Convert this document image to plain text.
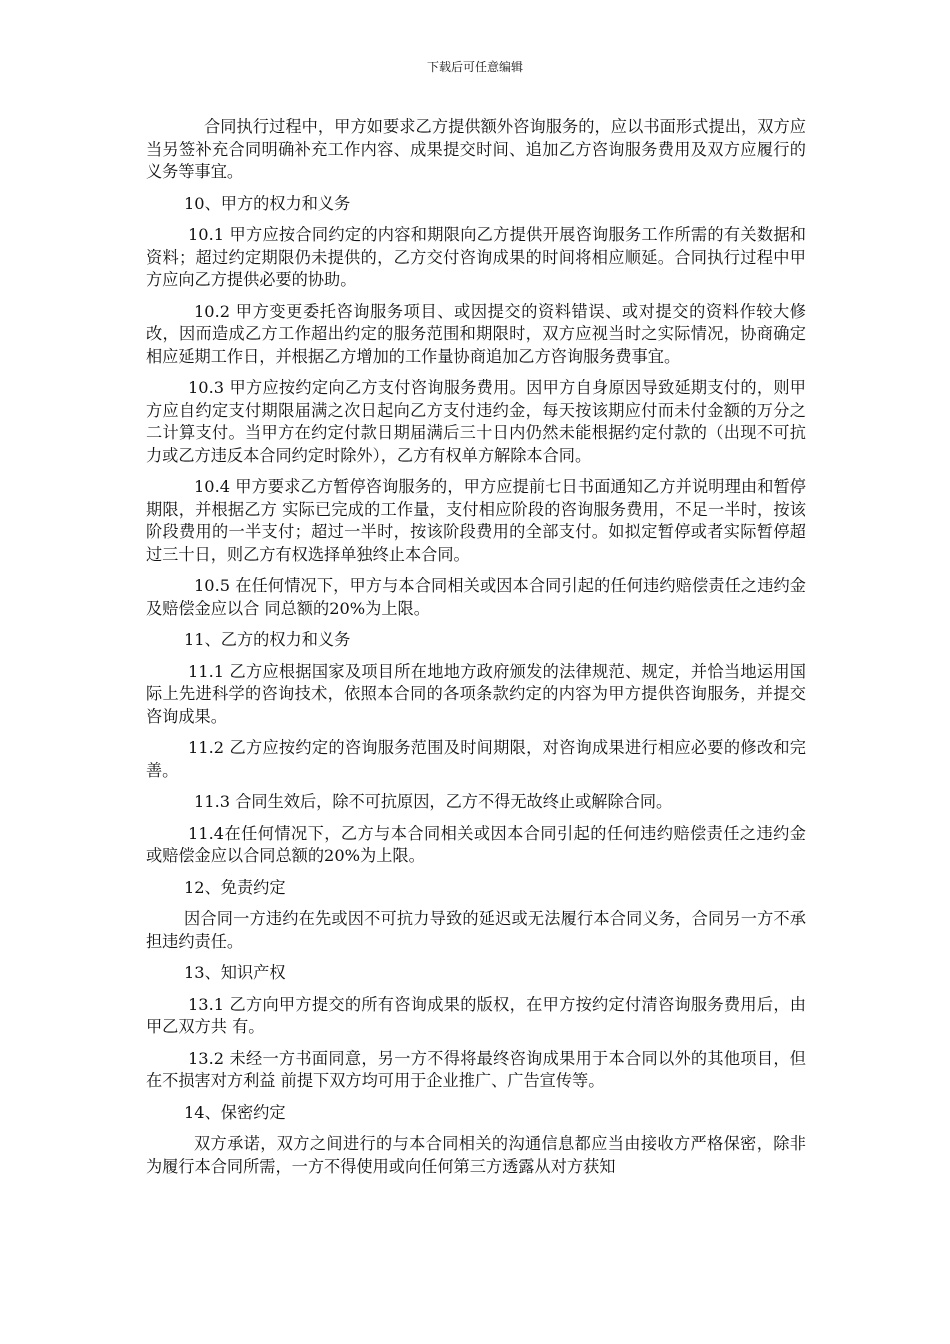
下载后可任意编辑

合同执行过程中，甲方如要求乙方提供额外咨询服务的，应以书面形式提出，双方应当另签补充合同明确补充工作内容、成果提交时间、追加乙方咨询服务费用及双方应履行的义务等事宜。

10、甲方的权力和义务

10.1 甲方应按合同约定的内容和期限向乙方提供开展咨询服务工作所需的有关数据和资料；超过约定期限仍未提供的，乙方交付咨询成果的时间将相应顺延。合同执行过程中甲方应向乙方提供必要的协助。

10.2 甲方变更委托咨询服务项目、或因提交的资料错误、或对提交的资料作较大修改，因而造成乙方工作超出约定的服务范围和期限时，双方应视当时之实际情况，协商确定相应延期工作日，并根据乙方增加的工作量协商追加乙方咨询服务费事宜。

10.3 甲方应按约定向乙方支付咨询服务费用。因甲方自身原因导致延期支付的，则甲方应自约定支付期限届满之次日起向乙方支付违约金，每天按该期应付而未付金额的万分之二计算支付。当甲方在约定付款日期届满后三十日内仍然未能根据约定付款的（出现不可抗力或乙方违反本合同约定时除外），乙方有权单方解除本合同。

10.4 甲方要求乙方暂停咨询服务的，甲方应提前七日书面通知乙方并说明理由和暂停期限，并根据乙方 实际已完成的工作量，支付相应阶段的咨询服务费用，不足一半时，按该阶段费用的一半支付；超过一半时，按该阶段费用的全部支付。如拟定暂停或者实际暂停超过三十日，则乙方有权选择单独终止本合同。

10.5 在任何情况下，甲方与本合同相关或因本合同引起的任何违约赔偿责任之违约金及赔偿金应以合 同总额的20%为上限。

11、乙方的权力和义务

11.1 乙方应根据国家及项目所在地地方政府颁发的法律规范、规定，并恰当地运用国际上先进科学的咨询技术，依照本合同的各项条款约定的内容为甲方提供咨询服务，并提交咨询成果。

11.2 乙方应按约定的咨询服务范围及时间期限，对咨询成果进行相应必要的修改和完善。

11.3 合同生效后，除不可抗原因，乙方不得无故终止或解除合同。

11.4在任何情况下，乙方与本合同相关或因本合同引起的任何违约赔偿责任之违约金或赔偿金应以合同总额的20%为上限。

12、免责约定

因合同一方违约在先或因不可抗力导致的延迟或无法履行本合同义务，合同另一方不承担违约责任。

13、知识产权

13.1 乙方向甲方提交的所有咨询成果的版权，在甲方按约定付清咨询服务费用后，由甲乙双方共 有。

13.2 未经一方书面同意，另一方不得将最终咨询成果用于本合同以外的其他项目，但在不损害对方利益 前提下双方均可用于企业推广、广告宣传等。

14、保密约定

双方承诺，双方之间进行的与本合同相关的沟通信息都应当由接收方严格保密，除非为履行本合同所需，一方不得使用或向任何第三方透露从对方获知
